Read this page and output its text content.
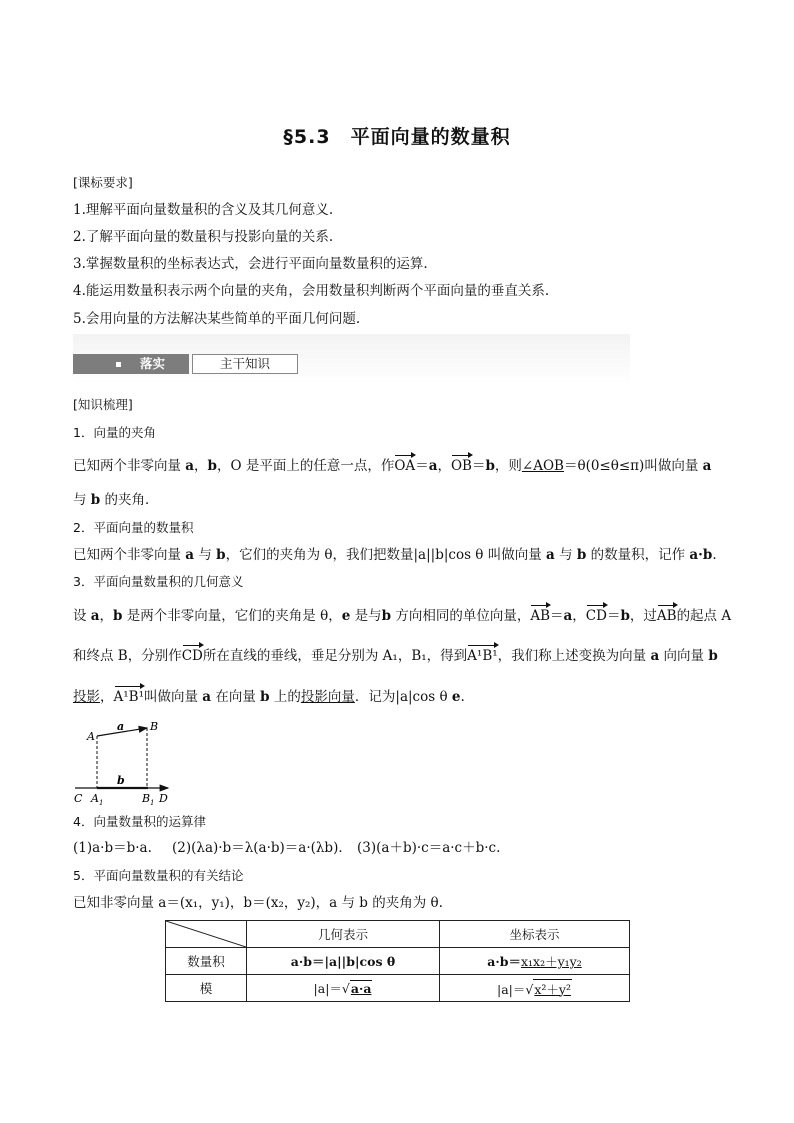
§5.3　平面向量的数量积
[课标要求]
1.理解平面向量数量积的含义及其几何意义.
2.了解平面向量的数量积与投影向量的关系.
3.掌握数量积的坐标表达式，会进行平面向量数量积的运算.
4.能运用数量积表示两个向量的夹角，会用数量积判断两个平面向量的垂直关系.
5.会用向量的方法解决某些简单的平面几何问题.
落实	主干知识
[知识梳理]
1．向量的夹角
已知两个非零向量 a，b，O 是平面上的任意一点，作OA＝a，OB＝b，则∠AOB＝θ(0≤θ≤π)叫做向量 a
与 b 的夹角．
2．平面向量的数量积
已知两个非零向量 a 与 b，它们的夹角为 θ，我们把数量|a||b|cos θ 叫做向量 a 与 b 的数量积，记作 a·b.
3．平面向量数量积的几何意义
设 a，b 是两个非零向量，它们的夹角是 θ，e 是与b 方向相同的单位向量，AB＝a，CD＝b，过AB的起点 A
和终点 B，分别作CD所在直线的垂线，垂足分别为 A₁，B₁，得到A¹B¹，我们称上述变换为向量 a 向向量 b
投影，A¹B¹叫做向量 a 在向量 b 上的投影向量．记为|a|cos θ e.
A
B
a
b
C A 1	B 1 D
4．向量数量积的运算律
(1)a·b＝b·a. (2)(λa)·b＝λ(a·b)＝a·(λb)． (3)(a＋b)·c＝a·c＋b·c.
5．平面向量数量积的有关结论
已知非零向量 a＝(x₁，y₁)，b＝(x₂，y₂)，a 与 b 的夹角为 θ.
	几何表示	坐标表示
数量积	a·b＝|a||b|cos θ	a·b＝x₁x₂＋y₁y₂
模	|a|＝√a·a	|a|＝√x²＋y²
